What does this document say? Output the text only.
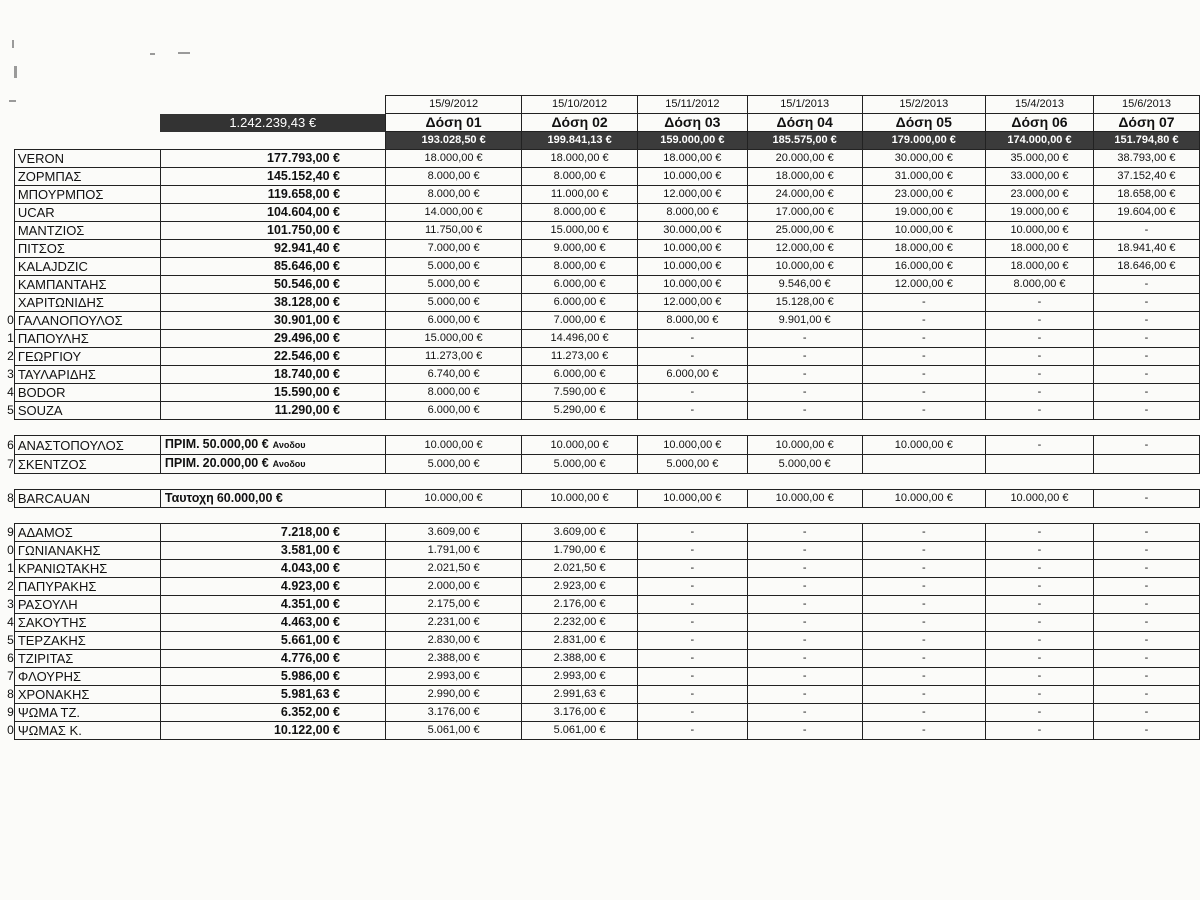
			15/9/2012	15/10/2012	15/11/2012	15/1/2013	15/2/2013	15/4/2013	15/6/2013
		1.242.239,43 €	Δόση 01	Δόση 02	Δόση 03	Δόση 04	Δόση 05	Δόση 06	Δόση 07
			193.028,50 €	199.841,13 €	159.000,00 €	185.575,00 €	179.000,00 €	174.000,00 €	151.794,80 €
	VERON	177.793,00 €	18.000,00 €	18.000,00 €	18.000,00 €	20.000,00 €	30.000,00 €	35.000,00 €	38.793,00 €
	ΖΟΡΜΠΑΣ	145.152,40 €	8.000,00 €	8.000,00 €	10.000,00 €	18.000,00 €	31.000,00 €	33.000,00 €	37.152,40 €
	ΜΠΟΥΡΜΠΟΣ	119.658,00 €	8.000,00 €	11.000,00 €	12.000,00 €	24.000,00 €	23.000,00 €	23.000,00 €	18.658,00 €
	UCAR	104.604,00 €	14.000,00 €	8.000,00 €	8.000,00 €	17.000,00 €	19.000,00 €	19.000,00 €	19.604,00 €
	ΜΑΝΤΖΙΟΣ	101.750,00 €	11.750,00 €	15.000,00 €	30.000,00 €	25.000,00 €	10.000,00 €	10.000,00 €	-
	ΠΙΤΣΟΣ	92.941,40 €	7.000,00 €	9.000,00 €	10.000,00 €	12.000,00 €	18.000,00 €	18.000,00 €	18.941,40 €
	KALAJDZIC	85.646,00 €	5.000,00 €	8.000,00 €	10.000,00 €	10.000,00 €	16.000,00 €	18.000,00 €	18.646,00 €
	ΚΑΜΠΑΝΤΑΗΣ	50.546,00 €	5.000,00 €	6.000,00 €	10.000,00 €	9.546,00 €	12.000,00 €	8.000,00 €	-
	ΧΑΡΙΤΩΝΙΔΗΣ	38.128,00 €	5.000,00 €	6.000,00 €	12.000,00 €	15.128,00 €	-	-	-
0	ΓΑΛΑΝΟΠΟΥΛΟΣ	30.901,00 €	6.000,00 €	7.000,00 €	8.000,00 €	9.901,00 €	-	-	-
1	ΠΑΠΟΥΛΗΣ	29.496,00 €	15.000,00 €	14.496,00 €	-	-	-	-	-
2	ΓΕΩΡΓΙΟΥ	22.546,00 €	11.273,00 €	11.273,00 €	-	-	-	-	-
3	ΤΑΥΛΑΡΙΔΗΣ	18.740,00 €	6.740,00 €	6.000,00 €	6.000,00 €	-	-	-	-
4	BODOR	15.590,00 €	8.000,00 €	7.590,00 €	-	-	-	-	-
5	SOUZA	11.290,00 €	6.000,00 €	5.290,00 €	-	-	-	-	-

6	ΑΝΑΣΤΟΠΟΥΛΟΣ	ΠΡΙΜ. 50.000,00 € Ανοδου	10.000,00 €	10.000,00 €	10.000,00 €	10.000,00 €	10.000,00 €	-	-
7	ΣΚΕΝΤΖΟΣ	ΠΡΙΜ. 20.000,00 € Ανοδου	5.000,00 €	5.000,00 €	5.000,00 €	5.000,00 €			

8	BARCAUAN	Ταυτοχη 60.000,00 €	10.000,00 €	10.000,00 €	10.000,00 €	10.000,00 €	10.000,00 €	10.000,00 €	-

9	ΑΔΑΜΟΣ	7.218,00 €	3.609,00 €	3.609,00 €	-	-	-	-	-
0	ΓΩΝΙΑΝΑΚΗΣ	3.581,00 €	1.791,00 €	1.790,00 €	-	-	-	-	-
1	ΚΡΑΝΙΩΤΑΚΗΣ	4.043,00 €	2.021,50 €	2.021,50 €	-	-	-	-	-
2	ΠΑΠΥΡΑΚΗΣ	4.923,00 €	2.000,00 €	2.923,00 €	-	-	-	-	-
3	ΡΑΣΟΥΛΗ	4.351,00 €	2.175,00 €	2.176,00 €	-	-	-	-	-
4	ΣΑΚΟΥΤΗΣ	4.463,00 €	2.231,00 €	2.232,00 €	-	-	-	-	-
5	ΤΕΡΖΑΚΗΣ	5.661,00 €	2.830,00 €	2.831,00 €	-	-	-	-	-
6	ΤΖΙΡΙΤΑΣ	4.776,00 €	2.388,00 €	2.388,00 €	-	-	-	-	-
7	ΦΛΟΥΡΗΣ	5.986,00 €	2.993,00 €	2.993,00 €	-	-	-	-	-
8	ΧΡΟΝΑΚΗΣ	5.981,63 €	2.990,00 €	2.991,63 €	-	-	-	-	-
9	ΨΩΜΑ ΤΖ.	6.352,00 €	3.176,00 €	3.176,00 €	-	-	-	-	-
0	ΨΩΜΑΣ Κ.	10.122,00 €	5.061,00 €	5.061,00 €	-	-	-	-	-
